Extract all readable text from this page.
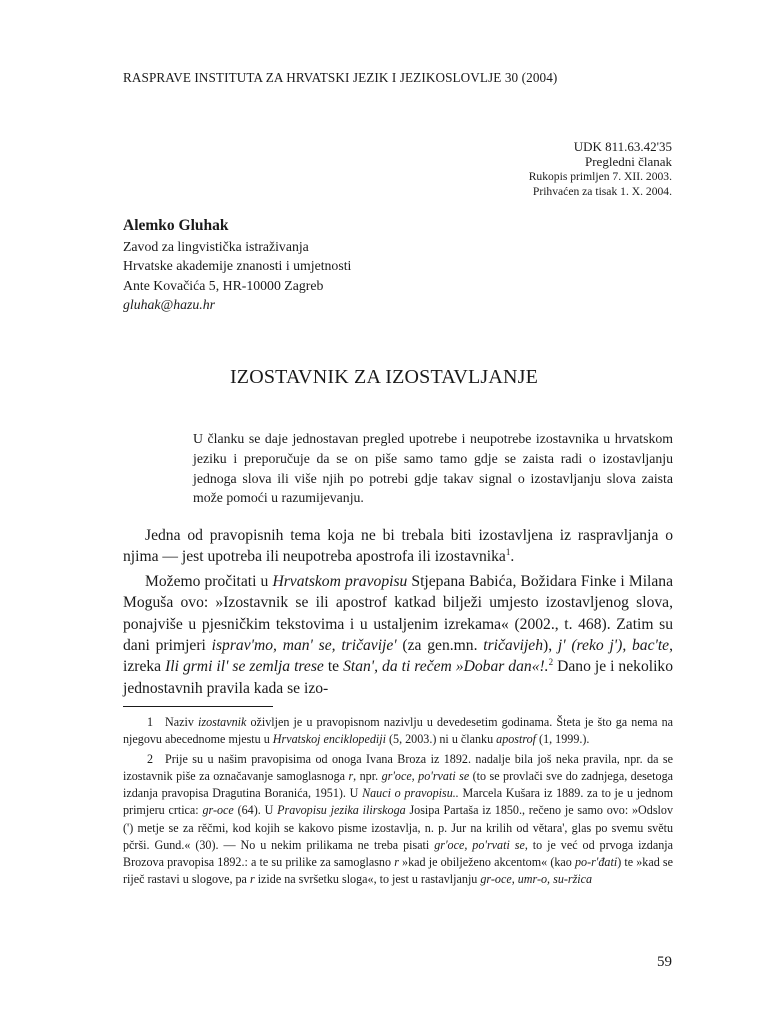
RASPRAVE INSTITUTA ZA HRVATSKI JEZIK I JEZIKOSLOVLJE 30 (2004)
UDK 811.63.42'35
Pregledni članak
Rukopis primljen 7. XII. 2003.
Prihvaćen za tisak 1. X. 2004.
Alemko Gluhak
Zavod za lingvistička istraživanja
Hrvatske akademije znanosti i umjetnosti
Ante Kovačića 5, HR-10000 Zagreb
gluhak@hazu.hr
IZOSTAVNIK ZA IZOSTAVLJANJE
U članku se daje jednostavan pregled upotrebe i neupotrebe izostavnika u hrvatskom jeziku i preporučuje da se on piše samo tamo gdje se zaista radi o izostavljanju jednoga slova ili više njih po potrebi gdje takav signal o izostavljanju slova zaista može pomoći u razumijevanju.

Jedna od pravopisnih tema koja ne bi trebala biti izostavljena iz raspravljanja o njima — jest upotreba ili neupotreba apostrofa ili izostavnika$^1$.

Možemo pročitati u Hrvatskom pravopisu Stjepana Babića, Božidara Finke i Milana Moguša ovo: »Izostavnik se ili apostrof katkad bilježi umjesto izostavljenog slova, ponajviše u pjesničkim tekstovima i u ustaljenim izrekama« (2002., t. 468). Zatim su dani primjeri isprav'mo, man' se, tričavije' (za gen.mn. tričavijeh), j' (reko j'), bac'te, izreka Ili grmi il' se zemlja trese te Stan', da ti rečem »Dobar dan«!.$^2$ Dano je i nekoliko jednostavnih pravila kada se izo-

1 Naziv izostavnik oživljen je u pravopisnom nazivlju u devedesetim godinama. Šteta je što ga nema na njegovu abecednome mjestu u Hrvatskoj enciklopediji (5, 2003.) ni u članku apostrof (1, 1999.).

2 Prije su u našim pravopisima od onoga Ivana Broza iz 1892. nadalje bila još neka pravila, npr. da se izostavnik piše za označavanje samoglasnoga r, npr. gr'oce, po'rvati se (to se provlači sve do zadnjega, desetoga izdanja pravopisa Dragutina Boranića, 1951). U Nauci o pravopisu.. Marcela Kušara iz 1889. za to je u jednom primjeru crtica: gr-oce (64). U Pravopisu jezika ilirskoga Josipa Partaša iz 1850., rečeno je samo ovo: »Odslov (') metje se za rěčmi, kod kojih se kakovo pisme izostavlja, n. p. Jur na krilih od větara', glas po svemu světu pčrši. Gund.« (30). — No u nekim prilikama ne treba pisati gr'oce, po'rvati se, to je već od prvoga izdanja Brozova pravopisa 1892.: a te su prilike za samoglasno r »kad je obilježeno akcentom« (kao po-r'đati) te »kad se riječ rastavi u slogove, pa r izide na svršetku sloga«, to jest u rastavljanju gr-oce, umr-o, su-ržica

59
